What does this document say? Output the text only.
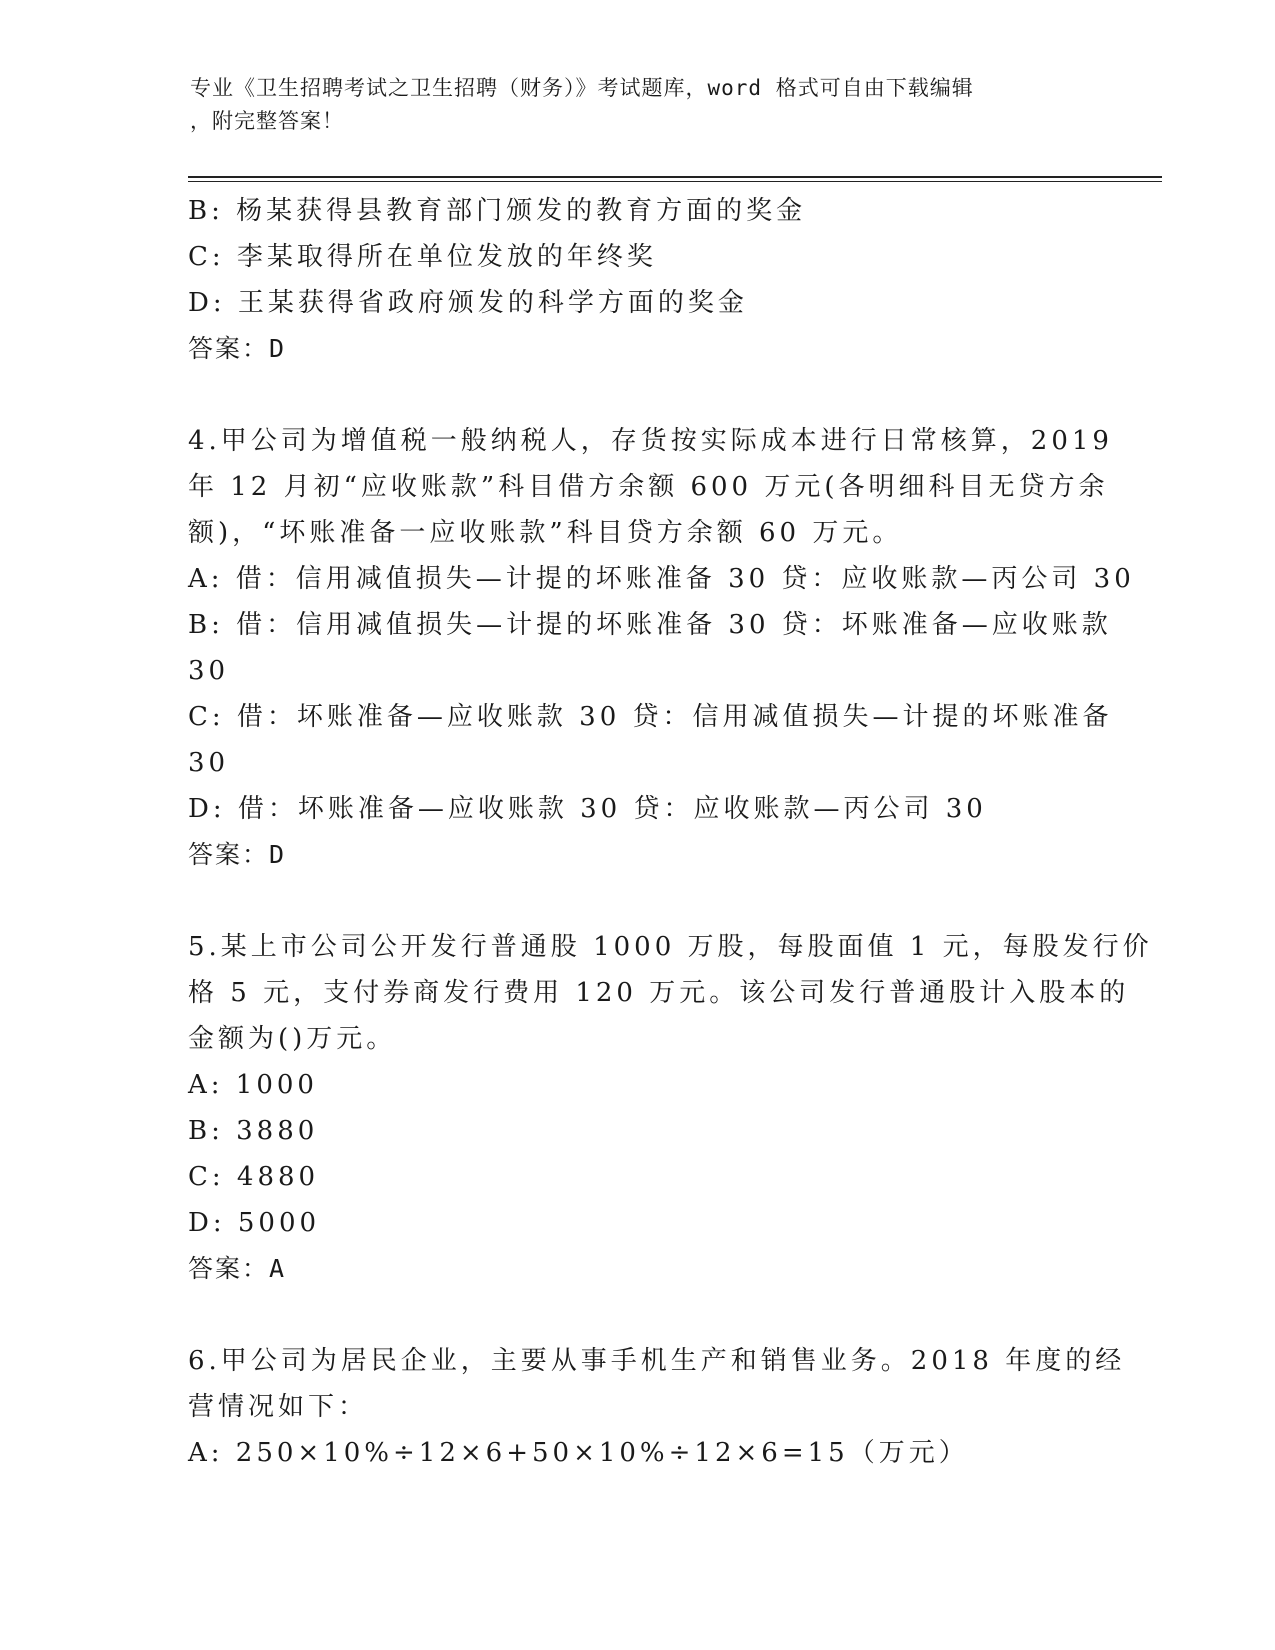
专业《卫生招聘考试之卫生招聘（财务）》考试题库，word 格式可自由下载编辑
，附完整答案！
B: 杨某获得县教育部门颁发的教育方面的奖金
C: 李某取得所在单位发放的年终奖
D: 王某获得省政府颁发的科学方面的奖金
答案：D
4.甲公司为增值税一般纳税人，存货按实际成本进行日常核算，2019
年 12 月初“应收账款”科目借方余额 600 万元(各明细科目无贷方余
额)，“坏账准备一应收账款”科目贷方余额 60 万元。
A: 借：信用减值损失—计提的坏账准备 30 贷：应收账款—丙公司 30
B: 借：信用减值损失—计提的坏账准备 30 贷：坏账准备—应收账款
30
C: 借：坏账准备—应收账款 30 贷：信用减值损失—计提的坏账准备
30
D: 借：坏账准备—应收账款 30 贷：应收账款—丙公司 30
答案：D
5.某上市公司公开发行普通股 1000 万股，每股面值 1 元，每股发行价
格 5 元，支付券商发行费用 120 万元。该公司发行普通股计入股本的
金额为()万元。
A: 1000
B: 3880
C: 4880
D: 5000
答案：A
6.甲公司为居民企业，主要从事手机生产和销售业务。2018 年度的经
营情况如下：
A: 250×10%÷12×6+50×10%÷12×6=15（万元）
